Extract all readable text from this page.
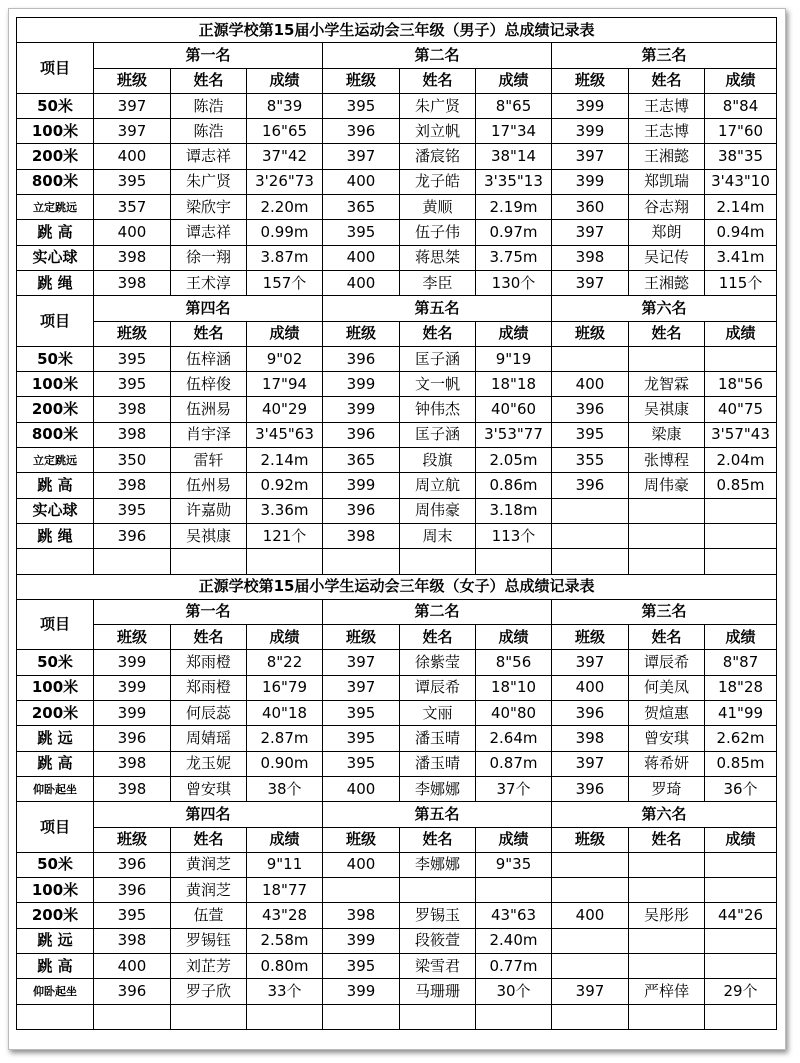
正源学校第15届小学生运动会三年级（男子）总成绩记录表									
项目	第一名			第二名			第三名		
	班级	姓名	成绩	班级	姓名	成绩	班级	姓名	成绩
50米	397	陈浩	8"39	395	朱广贤	8"65	399	王志博	8"84
100米	397	陈浩	16"65	396	刘立帆	17"34	399	王志博	17"60
200米	400	谭志祥	37"42	397	潘宸铭	38"14	397	王湘懿	38"35
800米	395	朱广贤	3'26"73	400	龙子皓	3'35"13	399	郑凯瑞	3'43"10
立定跳远	357	梁欣宇	2.20m	365	黄顺	2.19m	360	谷志翔	2.14m
跳 高	400	谭志祥	0.99m	395	伍子伟	0.97m	397	郑朗	0.94m
实心球	398	徐一翔	3.87m	400	蒋思桀	3.75m	398	吴记传	3.41m
跳 绳	398	王术淳	157个	400	李臣	130个	397	王湘懿	115个
项目	第四名			第五名			第六名		
	班级	姓名	成绩	班级	姓名	成绩	班级	姓名	成绩
50米	395	伍梓涵	9"02	396	匡子涵	9"19			
100米	395	伍梓俊	17"94	399	文一帆	18"18	400	龙智霖	18"56
200米	398	伍洲易	40"29	399	钟伟杰	40"60	396	吴祺康	40"75
800米	398	肖宇泽	3'45"63	396	匡子涵	3'53"77	395	梁康	3'57"43
立定跳远	350	雷轩	2.14m	365	段旗	2.05m	355	张博程	2.04m
跳 高	398	伍州易	0.92m	399	周立航	0.86m	396	周伟豪	0.85m
实心球	395	许嘉勋	3.36m	396	周伟豪	3.18m			
跳 绳	396	吴祺康	121个	398	周末	113个			

正源学校第15届小学生运动会三年级（女子）总成绩记录表									
项目	第一名			第二名			第三名		
	班级	姓名	成绩	班级	姓名	成绩	班级	姓名	成绩
50米	399	郑雨橙	8"22	397	徐紫莹	8"56	397	谭辰希	8"87
100米	399	郑雨橙	16"79	397	谭辰希	18"10	400	何美凤	18"28
200米	399	何辰蕊	40"18	395	文丽	40"80	396	贺煊惠	41"99
跳 远	396	周婧瑶	2.87m	395	潘玉晴	2.64m	398	曾安琪	2.62m
跳 高	398	龙玉妮	0.90m	395	潘玉晴	0.87m	397	蒋希妍	0.85m
仰卧起坐	398	曾安琪	38个	400	李娜娜	37个	396	罗琦	36个
项目	第四名			第五名			第六名		
	班级	姓名	成绩	班级	姓名	成绩	班级	姓名	成绩
50米	396	黄润芝	9"11	400	李娜娜	9"35			
100米	396	黄润芝	18"77						
200米	395	伍萱	43"28	398	罗锡玉	43"63	400	吴彤彤	44"26
跳 远	398	罗锡钰	2.58m	399	段筱萱	2.40m			
跳 高	400	刘芷芳	0.80m	395	梁雪君	0.77m			
仰卧起坐	396	罗子欣	33个	399	马珊珊	30个	397	严梓倖	29个
